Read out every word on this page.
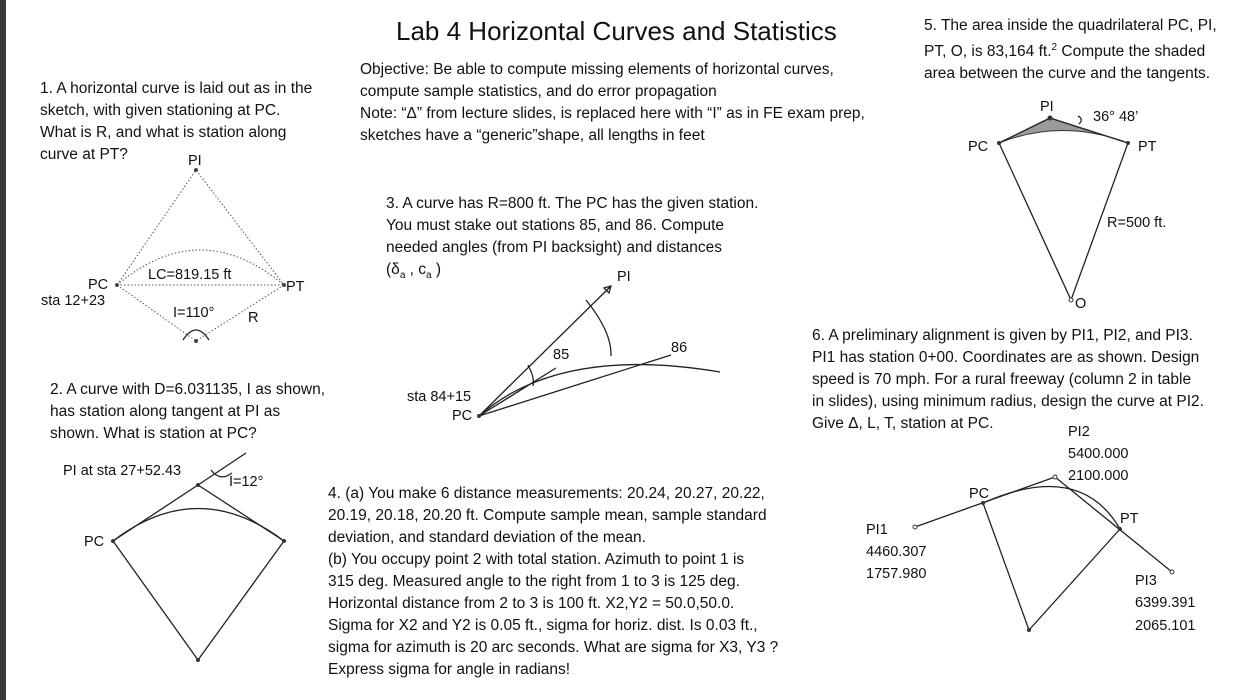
Lab 4 Horizontal Curves and Statistics
Objective: Be able to compute missing elements of horizontal curves,
compute sample statistics, and do error propagation
Note: “Δ” from lecture slides, is replaced here with “I” as in FE exam prep,
sketches have a “generic”shape, all lengths in feet
1. A horizontal curve is laid out as in the
sketch, with given stationing at PC.
What is R, and what is station along
curve at PT?	PI
PC
sta 12+23
PT
LC=819.15 ft
I=110° R
2. A curve with D=6.031135, I as shown,
has station along tangent at PI as
shown. What is station at PC?
PI at sta 27+52.43
I=12°
PC
3. A curve has R=800 ft. The PC has the given station.
You must stake out stations 85, and 86. Compute
needed angles (from PI backsight) and distances
($\delta_a$ , $c_a$ )	PI
85	86
sta 84+15
PC
4. (a) You make 6 distance measurements: 20.24, 20.27, 20.22,
20.19, 20.18, 20.20 ft. Compute sample mean, sample standard
deviation, and standard deviation of the mean.
(b) You occupy point 2 with total station. Azimuth to point 1 is
315 deg. Measured angle to the right from 1 to 3 is 125 deg.
Horizontal distance from 2 to 3 is 100 ft. X2,Y2 = 50.0,50.0.
Sigma for X2 and Y2 is 0.05 ft., sigma for horiz. dist. Is 0.03 ft.,
sigma for azimuth is 20 arc seconds. What are sigma for X3, Y3 ?
Express sigma for angle in radians!
5. The area inside the quadrilateral PC, PI,
PT, O, is 83,164 ft.$^2$ Compute the shaded
area between the curve and the tangents.
PI
36° 48’
PC	PT
R=500 ft.
O
6. A preliminary alignment is given by PI1, PI2, and PI3.
PI1 has station 0+00. Coordinates are as shown. Design
speed is 70 mph. For a rural freeway (column 2 in table
in slides), using minimum radius, design the curve at PI2.
Give Δ, L, T, station at PC.	PI2
5400.000
2100.000
PC
PT
PI1
4460.307
1757.980	PI3
6399.391
2065.101
